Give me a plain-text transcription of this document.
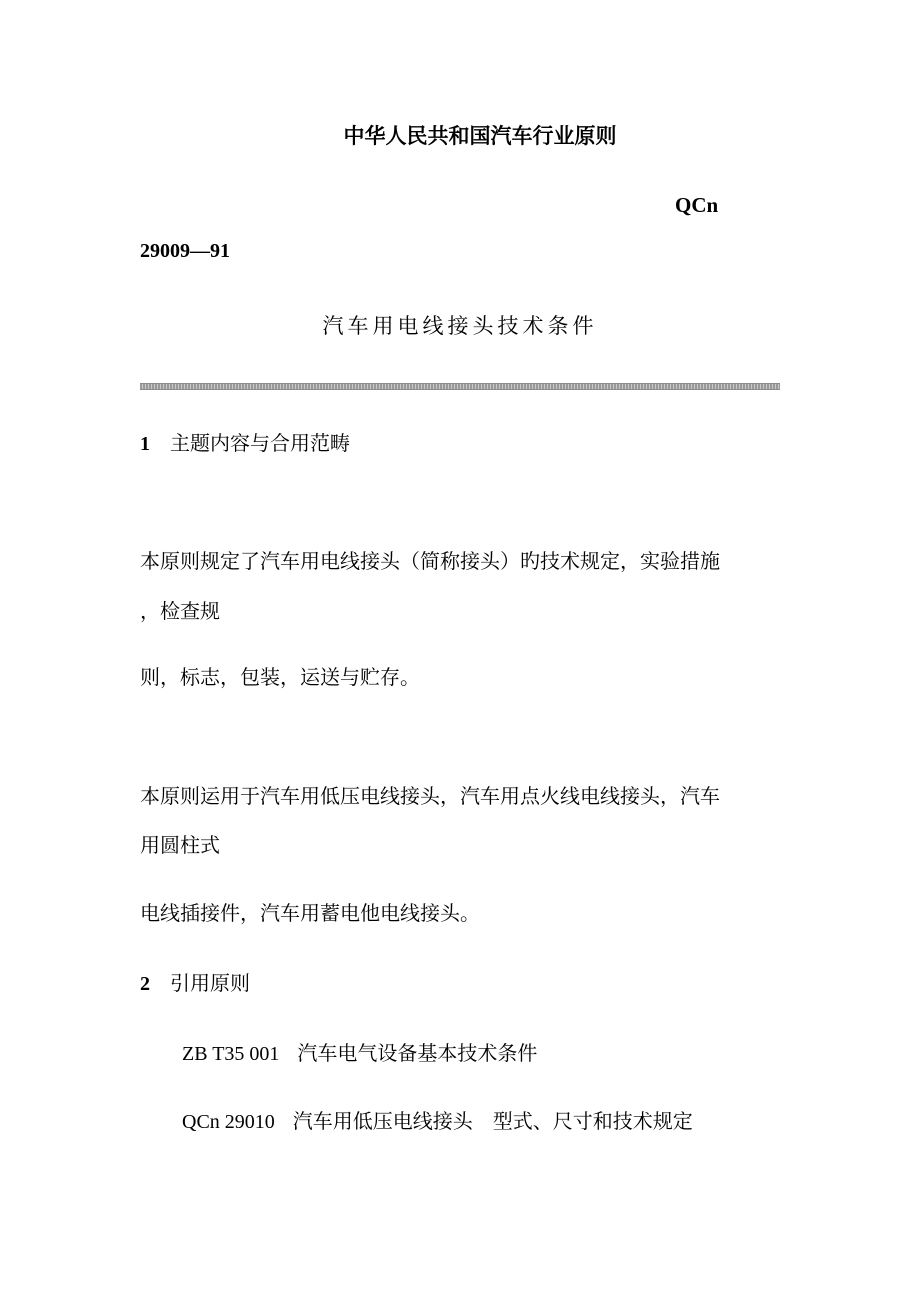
中华人民共和国汽车行业原则
QCn
29009—91
汽车用电线接头技术条件
1 主题内容与合用范畴
本原则规定了汽车用电线接头（简称接头）旳技术规定，实验措施
，检查规
则，标志，包装，运送与贮存。
本原则运用于汽车用低压电线接头，汽车用点火线电线接头，汽车
用圆柱式
电线插接件，汽车用蓄电他电线接头。
2 引用原则
ZB T35 001 汽车电气设备基本技术条件
QCn 29010 汽车用低压电线接头　型式、尺寸和技术规定
